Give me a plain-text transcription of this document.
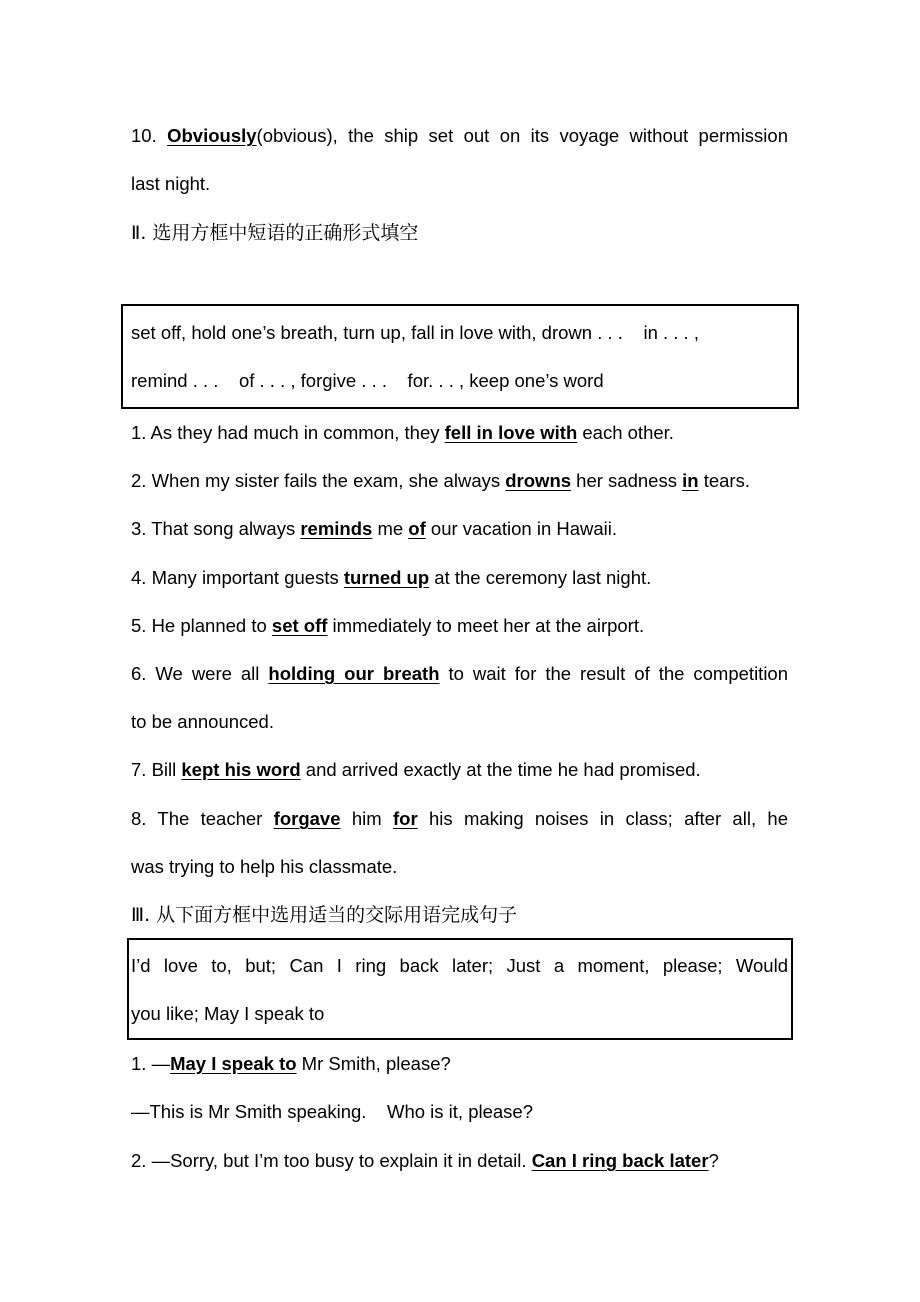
10. Obviously(obvious), the ship set out on its voyage without permission
last night.
Ⅱ. 选用方框中短语的正确形式填空
set off, hold one’s breath, turn up, fall in love with, drown . . .    in . . . ,
remind . . .    of . . . , forgive . . .    for. . . , keep one’s word
1. As they had much in common, they fell in love with each other.
2. When my sister fails the exam, she always drowns her sadness in tears.
3. That song always reminds me of our vacation in Hawaii.
4. Many important guests turned up at the ceremony last night.
5. He planned to set off immediately to meet her at the airport.
6. We were all holding our breath to wait for the result of the competition
to be announced.
7. Bill kept his word and arrived exactly at the time he had promised.
8. The teacher forgave him for his making noises in class; after all, he
was trying to help his classmate.
Ⅲ. 从下面方框中选用适当的交际用语完成句子
I’d love to, but; Can I ring back later; Just a moment, please; Would
you like; May I speak to
1. —May I speak to Mr Smith, please?
—This is Mr Smith speaking.    Who is it, please?
2. —Sorry, but I’m too busy to explain it in detail. Can I ring back later?
